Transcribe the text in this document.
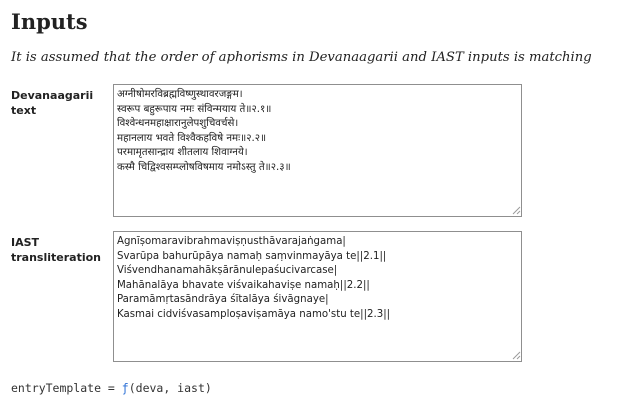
Inputs

It is assumed that the order of aphorisms in Devanaagarii and IAST inputs is matching

Devanaagarii text
अग्नीषोमरविब्रह्मविष्णुस्थावरजङ्गम।
स्वरूप बहुरूपाय नमः संविन्मयाय ते॥२.१॥
विश्वेन्धनमहाक्षारानुलेपशुचिवर्चसे।
महानलाय भवते विश्वैकहविषे नमः॥२.२॥
परमामृतसान्द्राय शीतलाय शिवाग्नये।
कस्मै चिद्विश्वसम्प्लोषविषमाय नमोऽस्तु ते॥२.३॥
IAST transliteration
Agnīṣomaravibrahmaviṣṇusthāvarajaṅgama|
Svarūpa bahurūpāya namaḥ saṃvinmayāya te||2.1||
Viśvendhanamahākṣārānulepaśucivarcase|
Mahānalāya bhavate viśvaikahaviṣe namaḥ||2.2||
Paramāmṛtasāndrāya śītalāya śivāgnaye|
Kasmai cidviśvasamploṣaviṣamāya namo'stu te||2.3||
entryTemplate = ƒ(deva, iast)
